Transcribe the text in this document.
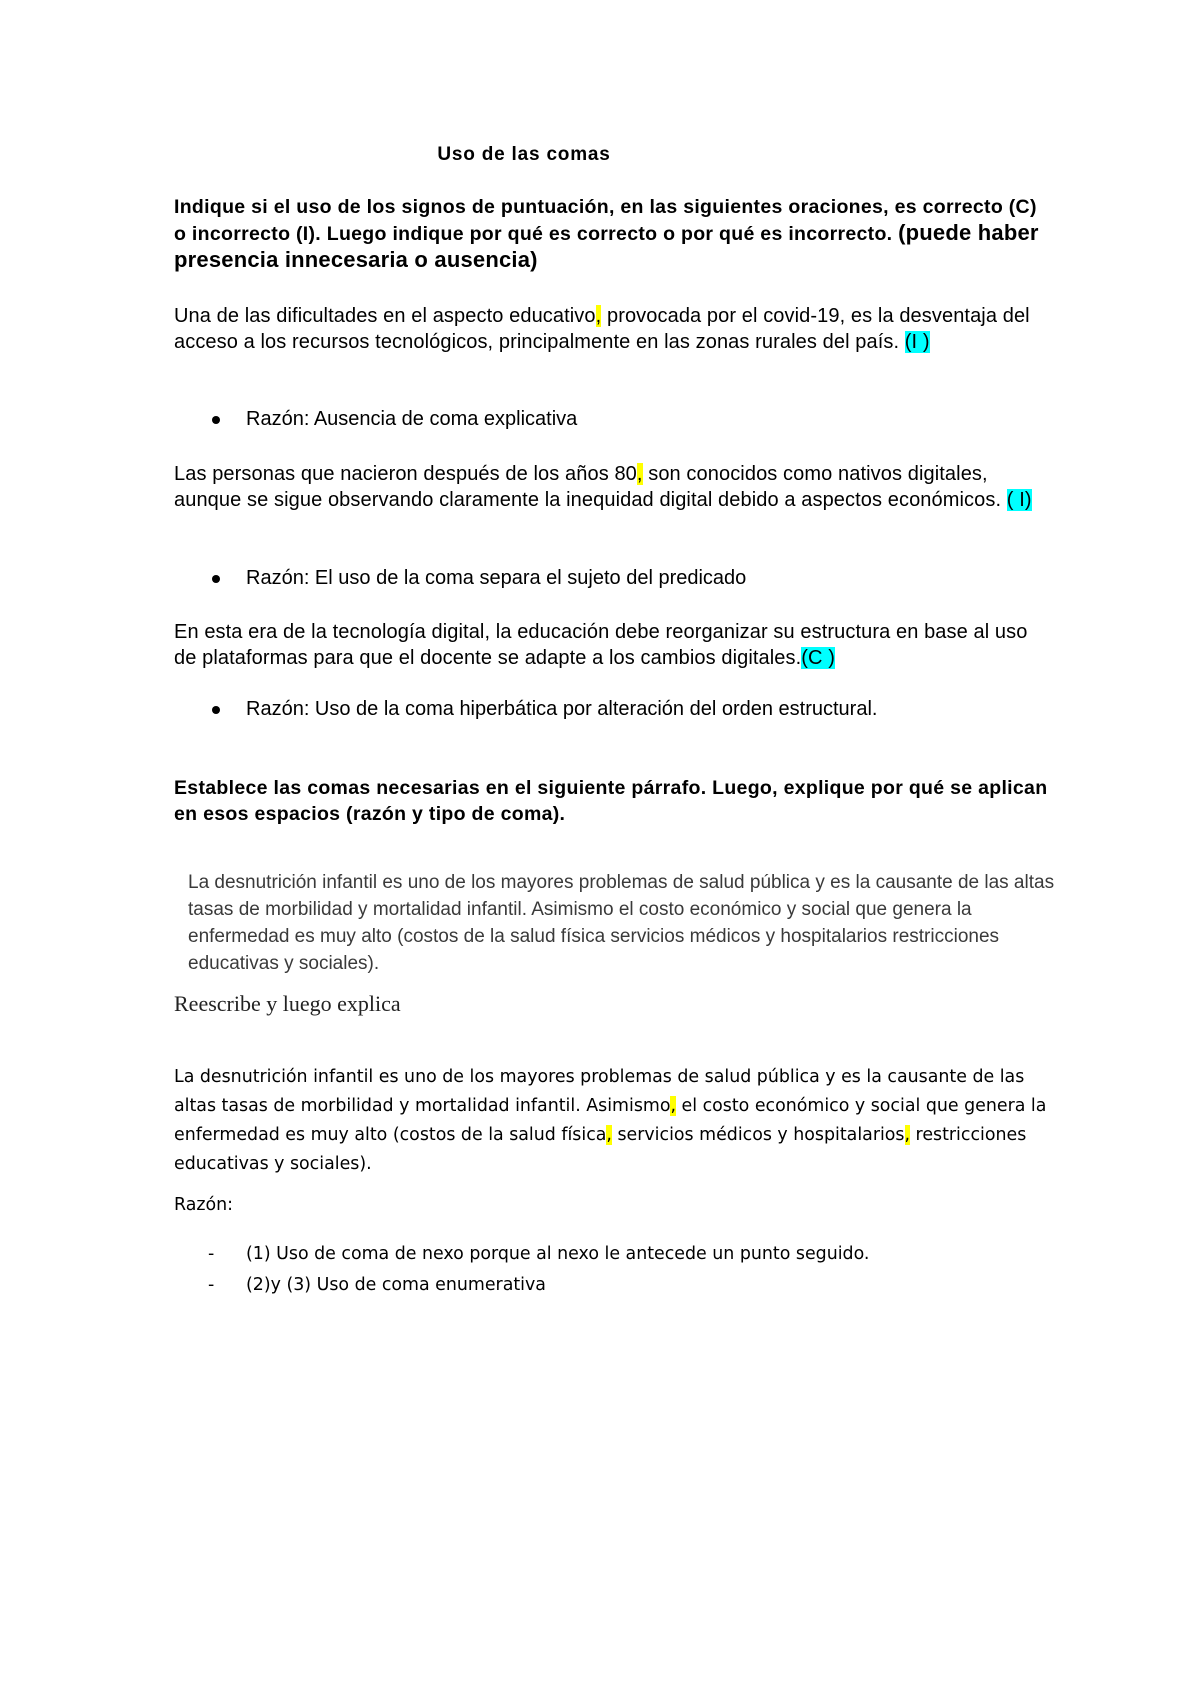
Uso de las comas
Indique si el uso de los signos de puntuación, en las siguientes oraciones, es correcto (C) o incorrecto (I). Luego indique por qué es correcto o por qué es incorrecto. (puede haber presencia innecesaria o ausencia)
Una de las dificultades en el aspecto educativo, provocada por el covid-19, es la desventaja del acceso a los recursos tecnológicos, principalmente en las zonas rurales del país. (I )
Razón: Ausencia de coma explicativa
Las personas que nacieron después de los años 80, son conocidos como nativos digitales, aunque se sigue observando claramente la inequidad digital debido a aspectos económicos. ( I)
Razón: El uso de la coma separa el sujeto del predicado
En esta era de la tecnología digital, la educación debe reorganizar su estructura en base al uso de plataformas para que el docente se adapte a los cambios digitales.(C )
Razón: Uso de la coma hiperbática por alteración del orden estructural.
Establece las comas necesarias en el siguiente párrafo. Luego, explique por qué se aplican en esos espacios (razón y tipo de coma).
La desnutrición infantil es uno de los mayores problemas de salud pública y es la causante de las altas tasas de morbilidad y mortalidad infantil. Asimismo el costo económico y social que genera la enfermedad es muy alto (costos de la salud física servicios médicos y hospitalarios restricciones educativas y sociales).
Reescribe y luego explica
La desnutrición infantil es uno de los mayores problemas de salud pública y es la causante de las altas tasas de morbilidad y mortalidad infantil. Asimismo, el costo económico y social que genera la enfermedad es muy alto (costos de la salud física, servicios médicos y hospitalarios, restricciones educativas y sociales).
Razón:
- (1) Uso de coma de nexo porque al nexo le antecede un punto seguido.
- (2)y (3) Uso de coma enumerativa
